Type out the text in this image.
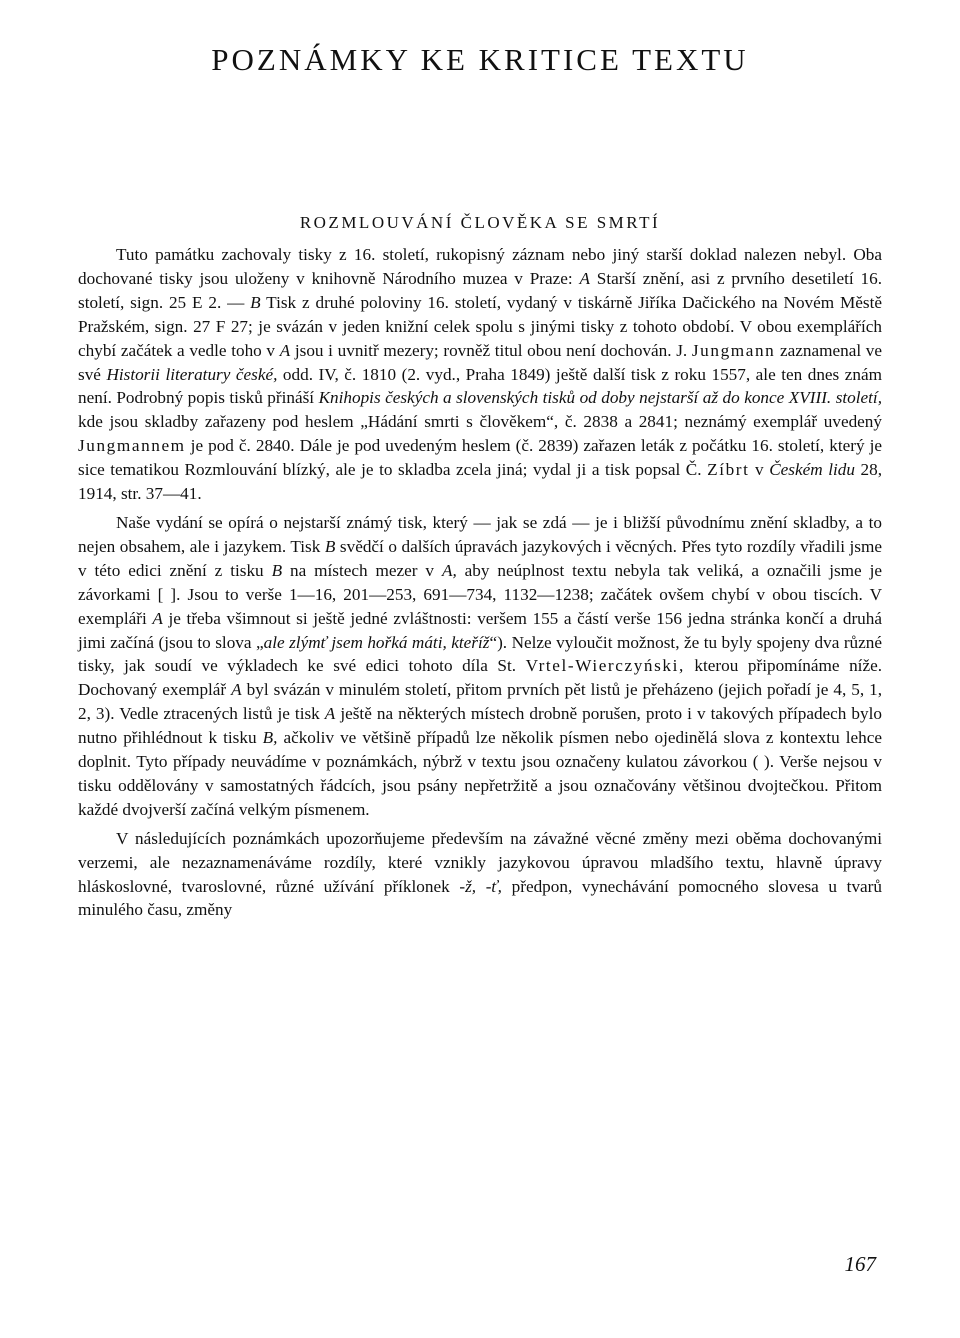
POZNÁMKY KE KRITICE TEXTU
ROZMLOUVÁNÍ ČLOVĚKA SE SMRTÍ

Tuto památku zachovaly tisky z 16. století, rukopisný záznam nebo jiný starší doklad nalezen nebyl. Oba dochované tisky jsou uloženy v knihovně Národního muzea v Praze: A Starší znění, asi z prvního desetiletí 16. století, sign. 25 E 2. — B Tisk z druhé poloviny 16. století, vydaný v tiskárně Jiříka Dačického na Novém Městě Pražském, sign. 27 F 27; je svázán v jeden knižní celek spolu s jinými tisky z tohoto období. V obou exemplářích chybí začátek a vedle toho v A jsou i uvnitř mezery; rovněž titul obou není dochován. J. Jungmann zaznamenal ve své Historii literatury české, odd. IV, č. 1810 (2. vyd., Praha 1849) ještě další tisk z roku 1557, ale ten dnes znám není. Podrobný popis tisků přináší Knihopis českých a slovenských tisků od doby nejstarší až do konce XVIII. století, kde jsou skladby zařazeny pod heslem „Hádání smrti s člověkem“, č. 2838 a 2841; neznámý exemplář uvedený Jungmannem je pod č. 2840. Dále je pod uvedeným heslem (č. 2839) zařazen leták z počátku 16. století, který je sice tematikou Rozmlouvání blízký, ale je to skladba zcela jiná; vydal ji a tisk popsal Č. Zíbrt v Českém lidu 28, 1914, str. 37—41.

Naše vydání se opírá o nejstarší známý tisk, který — jak se zdá — je i bližší původnímu znění skladby, a to nejen obsahem, ale i jazykem. Tisk B svědčí o dalších úpravách jazykových i věcných. Přes tyto rozdíly vřadili jsme v této edici znění z tisku B na místech mezer v A, aby neúplnost textu nebyla tak veliká, a označili jsme je závorkami [ ]. Jsou to verše 1—16, 201—253, 691—734, 1132—1238; začátek ovšem chybí v obou tiscích. V exempláři A je třeba všimnout si ještě jedné zvláštnosti: veršem 155 a částí verše 156 jedna stránka končí a druhá jimi začíná (jsou to slova „ale zlýmť jsem hořká máti, kteříž“). Nelze vyloučit možnost, že tu byly spojeny dva různé tisky, jak soudí ve výkladech ke své edici tohoto díla St. Vrtel-Wierczyński, kterou připomínáme níže. Dochovaný exemplář A byl svázán v minulém století, přitom prvních pět listů je přeházeno (jejich pořadí je 4, 5, 1, 2, 3). Vedle ztracených listů je tisk A ještě na některých místech drobně porušen, proto i v takových případech bylo nutno přihlédnout k tisku B, ačkoliv ve většině případů lze několik písmen nebo ojedinělá slova z kontextu lehce doplnit. Tyto případy neuvádíme v poznámkách, nýbrž v textu jsou označeny kulatou závorkou ( ). Verše nejsou v tisku oddělovány v samostatných řádcích, jsou psány nepřetržitě a jsou označovány většinou dvojtečkou. Přitom každé dvojverší začíná velkým písmenem.

V následujících poznámkách upozorňujeme především na závažné věcné změny mezi oběma dochovanými verzemi, ale nezaznamenáváme rozdíly, které vznikly jazykovou úpravou mladšího textu, hlavně úpravy hláskoslovné, tvaroslovné, různé užívání příklonek -ž, -ť, předpon, vynechávání pomocného slovesa u tvarů minulého času, změny

167
